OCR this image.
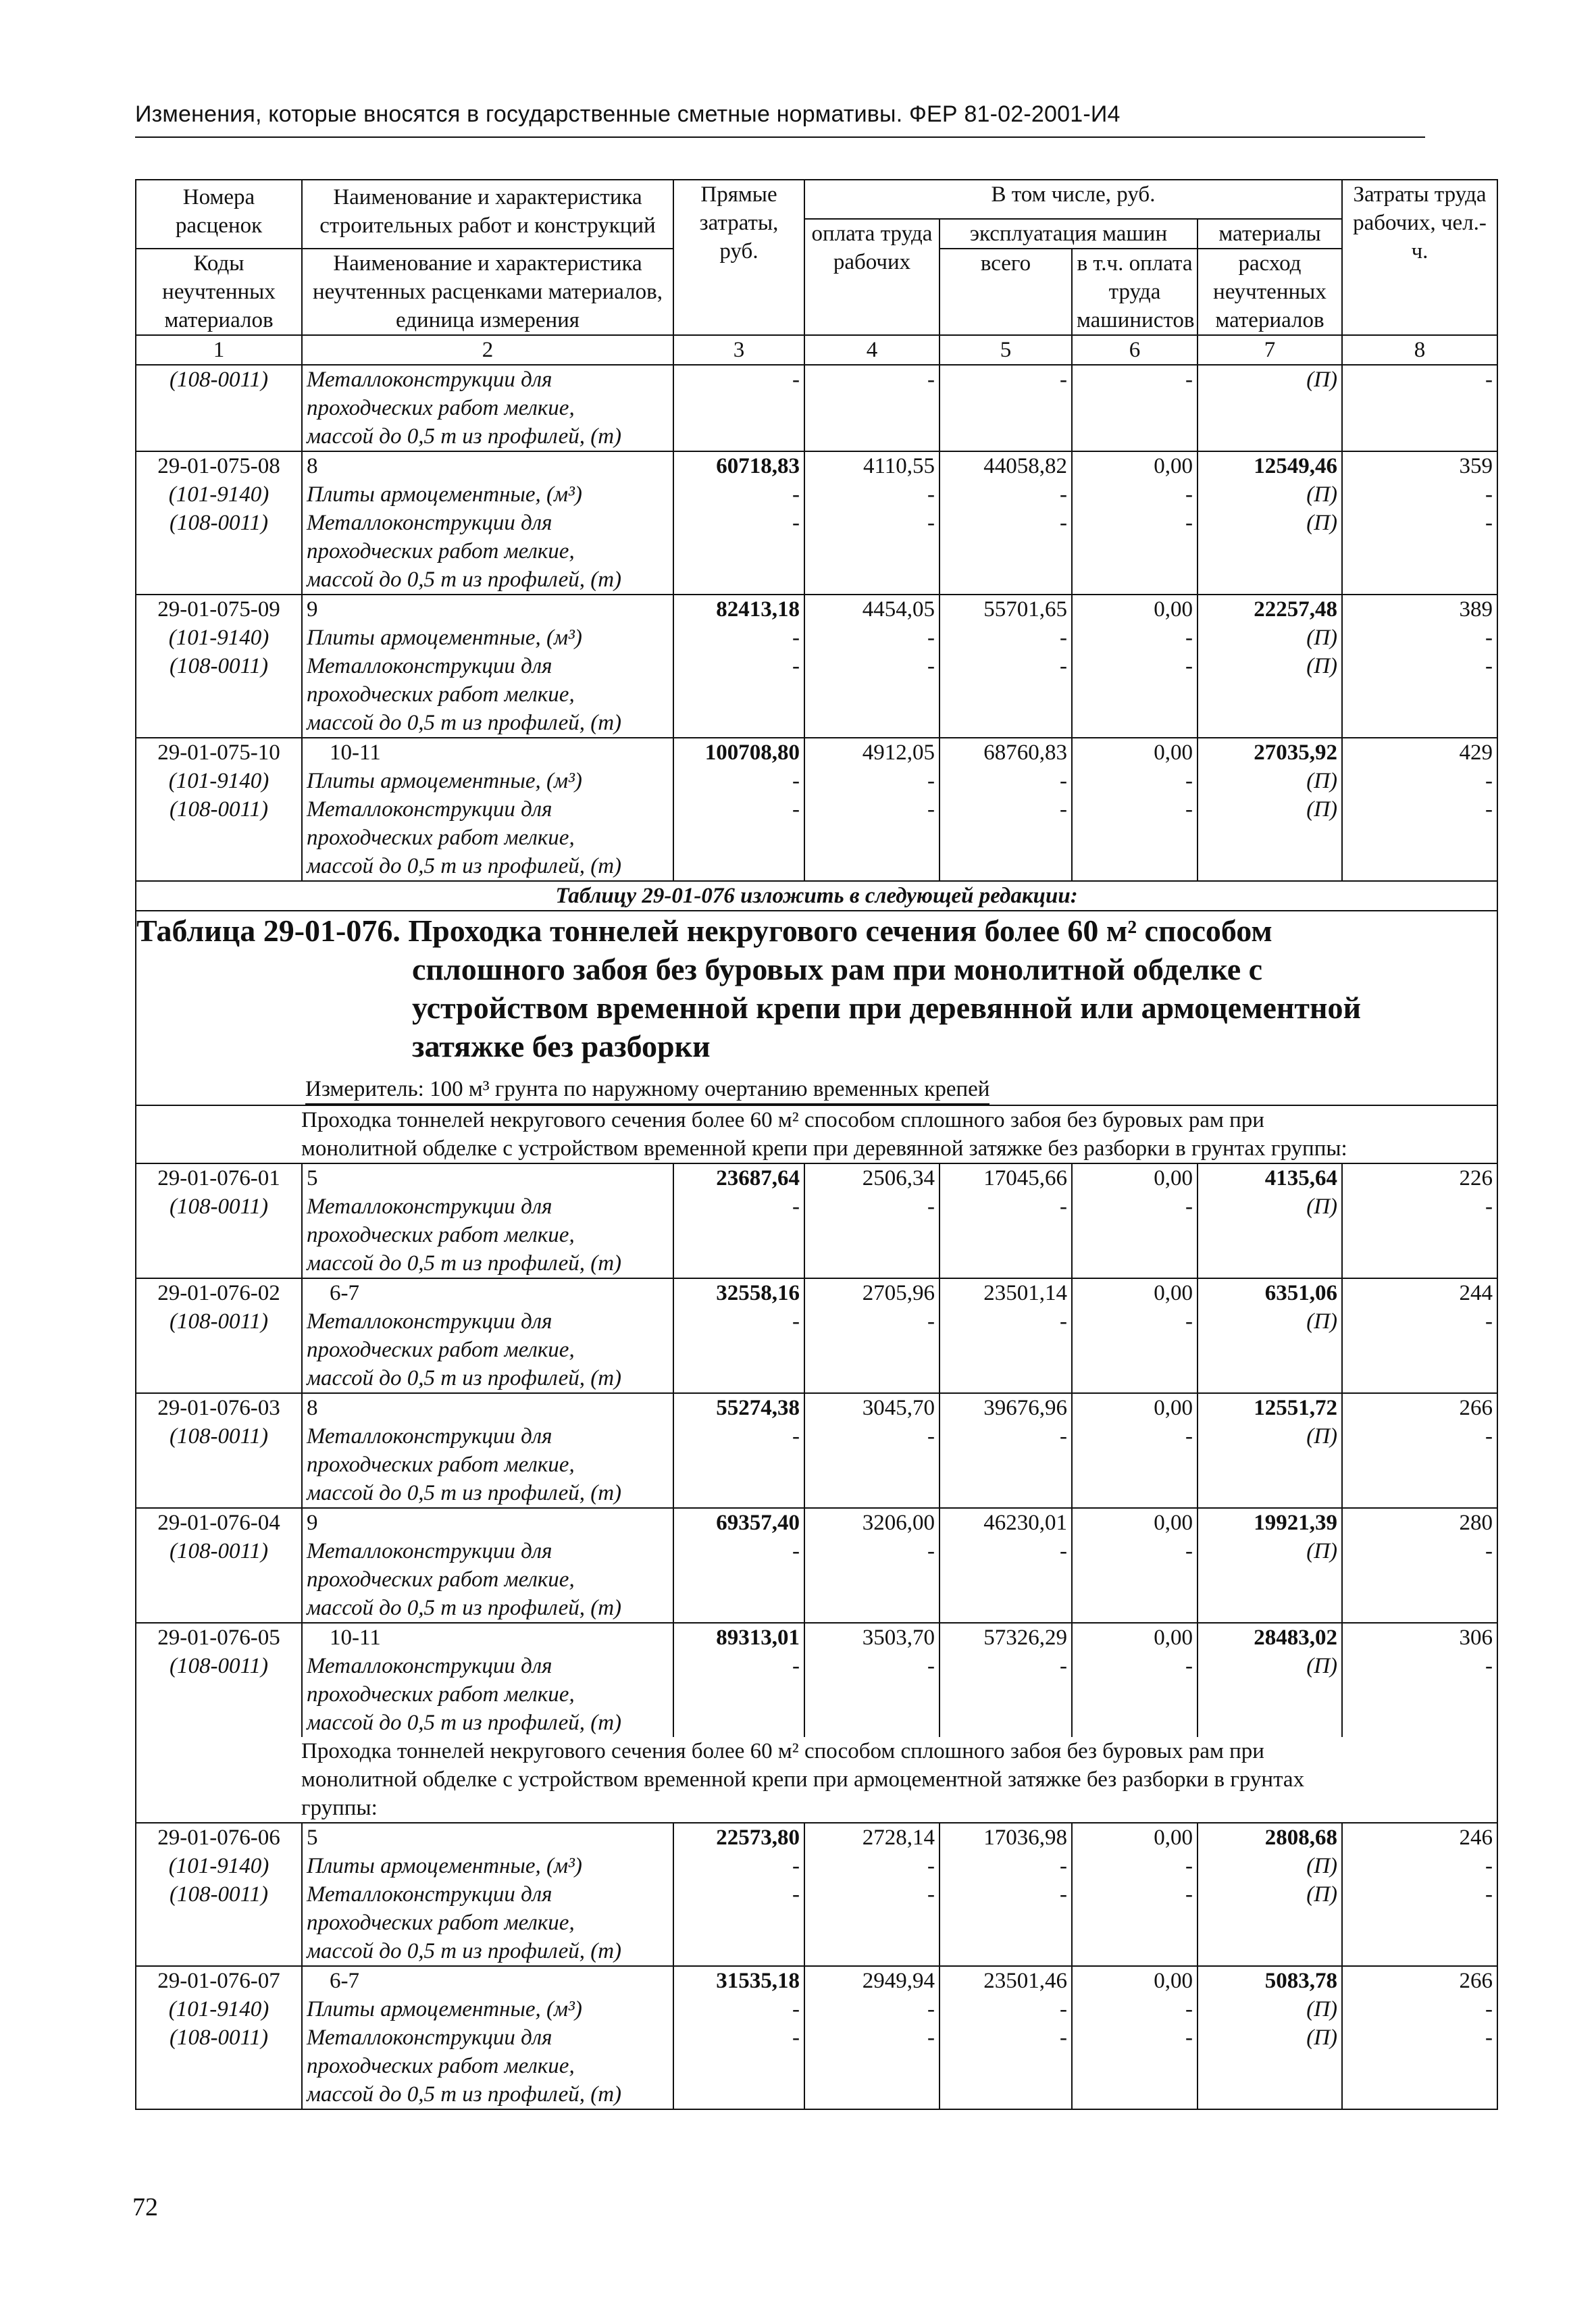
Изменения, которые вносятся в государственные сметные нормативы. ФЕР 81-02-2001-И4
Номера расценок	Наименование и характеристика строительных работ и конструкций	Прямые затраты, руб.	В том числе, руб.				Затраты труда рабочих, чел.-ч.
			оплата труда рабочих	эксплуатация машин		материалы	
Коды неучтенных материалов	Наименование и характеристика неучтенных расценками материалов, единица измерения			всего	в т.ч. оплата труда машинистов	расход неучтенных материалов	

1	2	3	4	5	6	7	8
(108-0011)	Металлоконструкции для	-	-	-	-	(П)	-
	проходческих работ мелкие,						
	массой до 0,5 т из профилей, (т)						
29-01-075-08	8	60718,83	4110,55	44058,82	0,00	12549,46	359
(101-9140)	Плиты армоцементные, (м³)	-	-	-	-	(П)	-
(108-0011)	Металлоконструкции для	-	-	-	-	(П)	-
	проходческих работ мелкие,						
	массой до 0,5 т из профилей, (т)						
29-01-075-09	9	82413,18	4454,05	55701,65	0,00	22257,48	389
(101-9140)	Плиты армоцементные, (м³)	-	-	-	-	(П)	-
(108-0011)	Металлоконструкции для	-	-	-	-	(П)	-
	проходческих работ мелкие,						
	массой до 0,5 т из профилей, (т)						
29-01-075-10	10-11	100708,80	4912,05	68760,83	0,00	27035,92	429
(101-9140)	Плиты армоцементные, (м³)	-	-	-	-	(П)	-
(108-0011)	Металлоконструкции для	-	-	-	-	(П)	-
	проходческих работ мелкие,						
	массой до 0,5 т из профилей, (т)						
Таблицу 29-01-076 изложить в следующей редакции:							

Таблица 29-01-076. Проходка тоннелей некругового сечения более 60 м² способом
сплошного забоя без буровых рам при монолитной обделке с
устройством временной крепи при деревянной или армоцементной
затяжке без разборки							

Измеритель: 100 м³ грунта по наружному очертанию временных крепей							

Проходка тоннелей некругового сечения более 60 м² способом сплошного забоя без буровых рам при
монолитной обделке с устройством временной крепи при деревянной затяжке без разборки в грунтах группы:							

29-01-076-01	5	23687,64	2506,34	17045,66	0,00	4135,64	226
(108-0011)	Металлоконструкции для	-	-	-	-	(П)	-
	проходческих работ мелкие,						
	массой до 0,5 т из профилей, (т)						
29-01-076-02	6-7	32558,16	2705,96	23501,14	0,00	6351,06	244
(108-0011)	Металлоконструкции для	-	-	-	-	(П)	-
	проходческих работ мелкие,						
	массой до 0,5 т из профилей, (т)						
29-01-076-03	8	55274,38	3045,70	39676,96	0,00	12551,72	266
(108-0011)	Металлоконструкции для	-	-	-	-	(П)	-
	проходческих работ мелкие,						
	массой до 0,5 т из профилей, (т)						
29-01-076-04	9	69357,40	3206,00	46230,01	0,00	19921,39	280
(108-0011)	Металлоконструкции для	-	-	-	-	(П)	-
	проходческих работ мелкие,						
	массой до 0,5 т из профилей, (т)						
29-01-076-05	10-11	89313,01	3503,70	57326,29	0,00	28483,02	306
(108-0011)	Металлоконструкции для	-	-	-	-	(П)	-
	проходческих работ мелкие,						
	массой до 0,5 т из профилей, (т)						

Проходка тоннелей некругового сечения более 60 м² способом сплошного забоя без буровых рам при
монолитной обделке с устройством временной крепи при армоцементной затяжке без разборки в грунтах
группы:							

29-01-076-06	5	22573,80	2728,14	17036,98	0,00	2808,68	246
(101-9140)	Плиты армоцементные, (м³)	-	-	-	-	(П)	-
(108-0011)	Металлоконструкции для	-	-	-	-	(П)	-
	проходческих работ мелкие,						
	массой до 0,5 т из профилей, (т)						
29-01-076-07	6-7	31535,18	2949,94	23501,46	0,00	5083,78	266
(101-9140)	Плиты армоцементные, (м³)	-	-	-	-	(П)	-
(108-0011)	Металлоконструкции для	-	-	-	-	(П)	-
	проходческих работ мелкие,						
	массой до 0,5 т из профилей, (т)						
72
